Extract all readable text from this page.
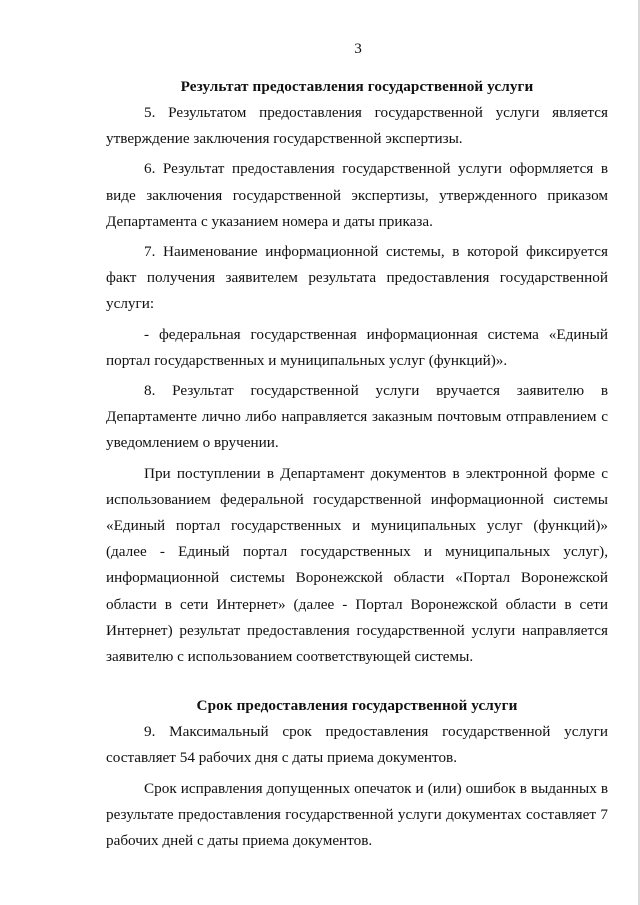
3
Результат предоставления государственной услуги

5. Результатом предоставления государственной услуги является утверждение заключения государственной экспертизы.

6. Результат предоставления государственной услуги оформляется в виде заключения государственной экспертизы, утвержденного приказом Департамента с указанием номера и даты приказа.

7. Наименование информационной системы, в которой фиксируется факт получения заявителем результата предоставления государственной услуги:

- федеральная государственная информационная система «Единый портал государственных и муниципальных услуг (функций)».

8. Результат государственной услуги вручается заявителю в Департаменте лично либо направляется заказным почтовым отправлением с уведомлением о вручении.

При поступлении в Департамент документов в электронной форме с использованием федеральной государственной информационной системы «Единый портал государственных и муниципальных услуг (функций)» (далее - Единый портал государственных и муниципальных услуг), информационной системы Воронежской области «Портал Воронежской области в сети Интернет» (далее - Портал Воронежской области в сети Интернет) результат предоставления государственной услуги направляется заявителю с использованием соответствующей системы.

Срок предоставления государственной услуги

9. Максимальный срок предоставления государственной услуги составляет 54 рабочих дня с даты приема документов.

Срок исправления допущенных опечаток и (или) ошибок в выданных в результате предоставления государственной услуги документах составляет 7 рабочих дней с даты приема документов.
